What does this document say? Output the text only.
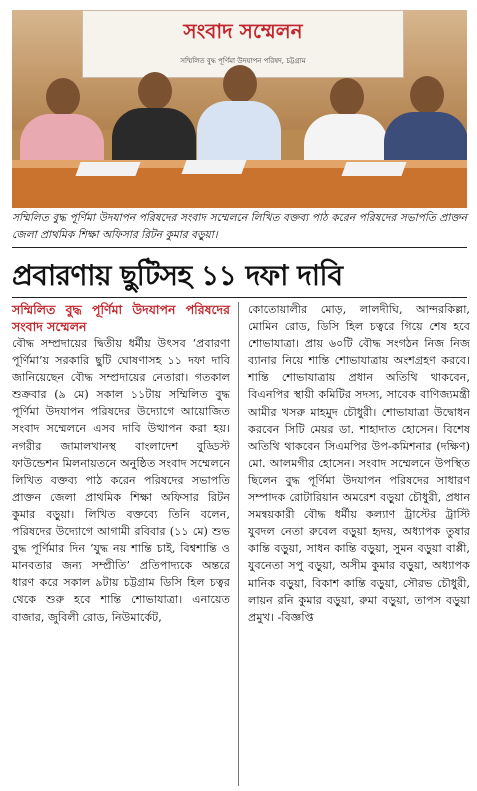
সংবাদ সম্মেলন
সম্মিলিত বুদ্ধ পূর্ণিমা উদযাপন পরিষদ, চট্টগ্রাম
সম্মিলিত বুদ্ধ পূর্ণিমা উদযাপন পরিষদের সংবাদ সম্মেলনে লিখিত বক্তব্য পাঠ করেন পরিষদের সভাপতি প্রাক্তন জেলা প্রাথমিক শিক্ষা অফিসার রিটন কুমার বড়ুয়া।
প্রবারণায় ছুটিসহ ১১ দফা দাবি
সম্মিলিত বুদ্ধ পূর্ণিমা উদযাপন পরিষদের সংবাদ সম্মেলন
বৌদ্ধ সম্প্রদায়ের দ্বিতীয় ধর্মীয় উৎসব ‘প্রবারণা পূর্ণিমা’য় সরকারি ছুটি ঘোষণাসহ ১১ দফা দাবি জানিয়েছেন বৌদ্ধ সম্প্রদায়ের নেতারা। গতকাল শুক্রবার (৯ মে) সকাল ১১টায় সম্মিলিত বুদ্ধ পূর্ণিমা উদযাপন পরিষদের উদ্যোগে আয়োজিত সংবাদ সম্মেলনে এসব দাবি উত্থাপন করা হয়। নগরীর জামালখানস্থ বাংলাদেশ বুড্ডিস্ট ফাউন্ডেশন মিলনায়তনে অনুষ্ঠিত সংবাদ সম্মেলনে লিখিত বক্তব্য পাঠ করেন পরিষদের সভাপতি প্রাক্তন জেলা প্রাথমিক শিক্ষা অফিসার রিটন কুমার বড়ুয়া। লিখিত বক্তব্যে তিনি বলেন, পরিষদের উদ্যোগে আগামী রবিবার (১১ মে) শুভ বুদ্ধ পূর্ণিমার দিন ‘যুদ্ধ নয় শান্তি চাই, বিশ্বশান্তি ও মানবতার জন্য সম্প্রীতি’ প্রতিপাদ্যকে অন্তরে ধারণ করে সকাল ৯টায় চট্টগ্রাম ডিসি হিল চত্বর থেকে শুরু হবে শান্তি শোভাযাত্রা। এনায়েত বাজার, জুবিলী রোড, নিউমার্কেট,
কোতোয়ালীর মোড়, লালদীঘি, আন্দরকিল্লা, মোমিন রোড, ডিসি হিল চত্বরে গিয়ে শেষ হবে শোভাযাত্রা। প্রায় ৬০টি বৌদ্ধ সংগঠন নিজ নিজ ব্যানার নিয়ে শান্তি শোভাযাত্রায় অংশগ্রহণ করবে। শান্তি শোভাযাত্রায় প্রধান অতিথি থাকবেন, বিএনপির স্থায়ী কমিটির সদস্য, সাবেক বাণিজ্যমন্ত্রী আমীর খসরু মাহমুদ চৌধুরী। শোভাযাত্রা উদ্বোধন করবেন সিটি মেয়র ডা. শাহাদাত হোসেন। বিশেষ অতিথি থাকবেন সিএমপির উপ-কমিশনার (দক্ষিণ) মো. আলমগীর হোসেন। সংবাদ সম্মেলনে উপস্থিত ছিলেন বুদ্ধ পূর্ণিমা উদযাপন পরিষদের সাধারণ সম্পাদক রোটারিয়ান অমরেশ বড়ুয়া চৌধুরী, প্রধান সমন্বয়কারী বৌদ্ধ ধর্মীয় কল্যাণ ট্রাস্টের ট্রাস্টি যুবদল নেতা রুবেল বড়ুয়া হৃদয়, অধ্যাপক তুষার কান্তি বড়ুয়া, সাধন কান্তি বড়ুয়া, সুমন বড়ুয়া বাপ্পী, যুবনেতা সপু বড়ুয়া, অসীম কুমার বড়ুয়া, অধ্যাপক মানিক বড়ুয়া, বিকাশ কান্তি বড়ুয়া, সৌরভ চৌধুরী, লায়ন রনি কুমার বড়ুয়া, রুমা বড়ুয়া, তাপস বড়ুয়া প্রমুখ। -বিজ্ঞপ্তি
